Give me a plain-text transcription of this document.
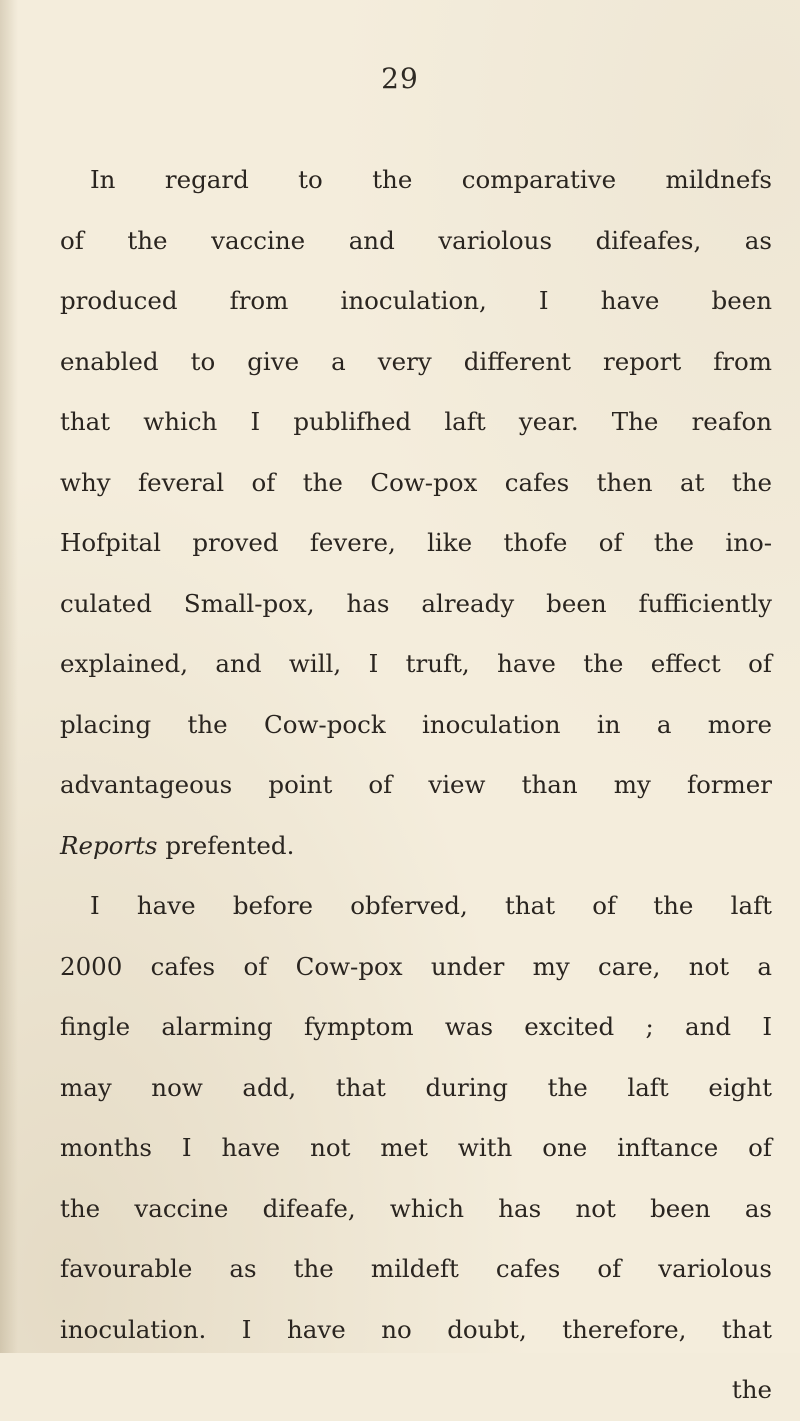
29
In regard to the comparative mildnefs
of the vaccine and variolous difeafes, as
produced from inoculation, I have been
enabled to give a very different report from
that which I publifhed laft year. The reafon
why feveral of the Cow-pox cafes then at the
Hofpital proved fevere, like thofe of the ino-
culated Small-pox, has already been fufficiently
explained, and will, I truft, have the effect of
placing the Cow-pock inoculation in a more
advantageous point of view than my former
Reports prefented.
I have before obferved, that of the laft
2000 cafes of Cow-pox under my care, not a
fingle alarming fymptom was excited ; and I
may now add, that during the laft eight
months I have not met with one inftance of
the vaccine difeafe, which has not been as
favourable as the mildeft cafes of variolous
inoculation. I have no doubt, therefore, that
the
